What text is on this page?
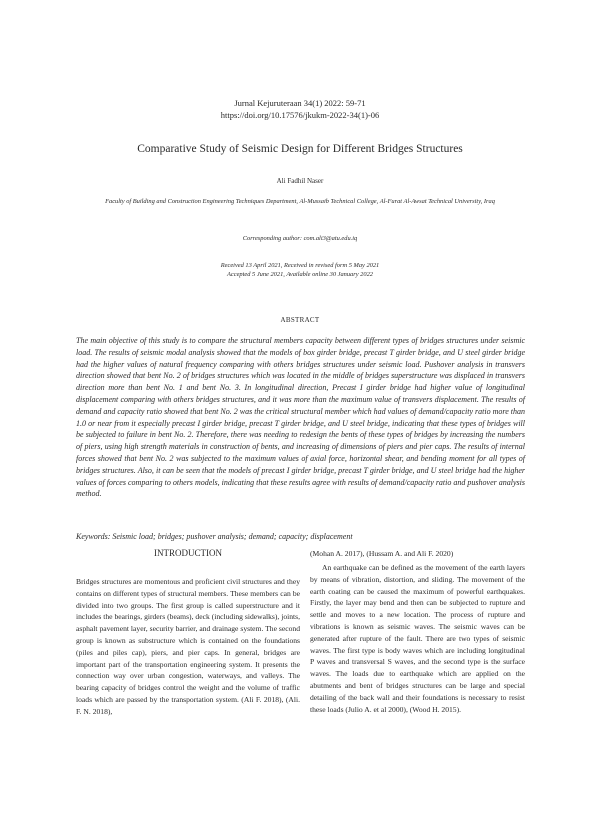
Jurnal Kejuruteraan 34(1) 2022: 59-71
https://doi.org/10.17576/jkukm-2022-34(1)-06
Comparative Study of Seismic Design for Different Bridges Structures
Ali Fadhil Naser
Faculty of Building and Construction Engineering Techniques Department, Al-Mussaib Technical College, Al-Furat Al-Awsat Technical University, Iraq
Corresponding author: com.ali3@atu.edu.iq
Received 13 April 2021, Received in revised form 5 May 2021
Accepted 5 June 2021, Available online 30 January 2022
ABSTRACT
The main objective of this study is to compare the structural members capacity between different types of bridges structures under seismic load. The results of seismic modal analysis showed that the models of box girder bridge, precast T girder bridge, and U steel girder bridge had the higher values of natural frequency comparing with others bridges structures under seismic load. Pushover analysis in transvers direction showed that bent No. 2 of bridges structures which was located in the middle of bridges superstructure was displaced in transvers direction more than bent No. 1 and bent No. 3. In longitudinal direction, Precast I girder bridge had higher value of longitudinal displacement comparing with others bridges structures, and it was more than the maximum value of transvers displacement. The results of demand and capacity ratio showed that bent No. 2 was the critical structural member which had values of demand/capacity ratio more than 1.0 or near from it especially precast I girder bridge, precast T girder bridge, and U steel bridge, indicating that these types of bridges will be subjected to failure in bent No. 2. Therefore, there was needing to redesign the bents of these types of bridges by increasing the numbers of piers, using high strength materials in construction of bents, and increasing of dimensions of piers and pier caps. The results of internal forces showed that bent No. 2 was subjected to the maximum values of axial force, horizontal shear, and bending moment for all types of bridges structures. Also, it can be seen that the models of precast I girder bridge, precast T girder bridge, and U steel bridge had the higher values of forces comparing to others models, indicating that these results agree with results of demand/capacity ratio and pushover analysis method.
Keywords: Seismic load; bridges; pushover analysis; demand; capacity; displacement
INTRODUCTION

Bridges structures are momentous and proficient civil structures and they contains on different types of structural members. These members can be divided into two groups. The first group is called superstructure and it includes the bearings, girders (beams), deck (including sidewalks), joints, asphalt pavement layer, security barrier, and drainage system. The second group is known as substructure which is contained on the foundations (piles and piles cap), piers, and pier caps. In general, bridges are important part of the transportation engineering system. It presents the connection way over urban congestion, waterways, and valleys. The bearing capacity of bridges control the weight and the volume of traffic loads which are passed by the transportation system. (Ali F. 2018), (Ali. F. N. 2018),

(Mohan A. 2017), (Hussam A. and Ali F. 2020)

An earthquake can be defined as the movement of the earth layers by means of vibration, distortion, and sliding. The movement of the earth coating can be caused the maximum of powerful earthquakes. Firstly, the layer may bend and then can be subjected to rupture and settle and moves to a new location. The process of rupture and vibrations is known as seismic waves. The seismic waves can be generated after rupture of the fault. There are two types of seismic waves. The first type is body waves which are including longitudinal P waves and transversal S waves, and the second type is the surface waves. The loads due to earthquake which are applied on the abutments and bent of bridges structures can be large and special detailing of the back wall and their foundations is necessary to resist these loads (Julio A. et al 2000), (Wood H. 2015).
